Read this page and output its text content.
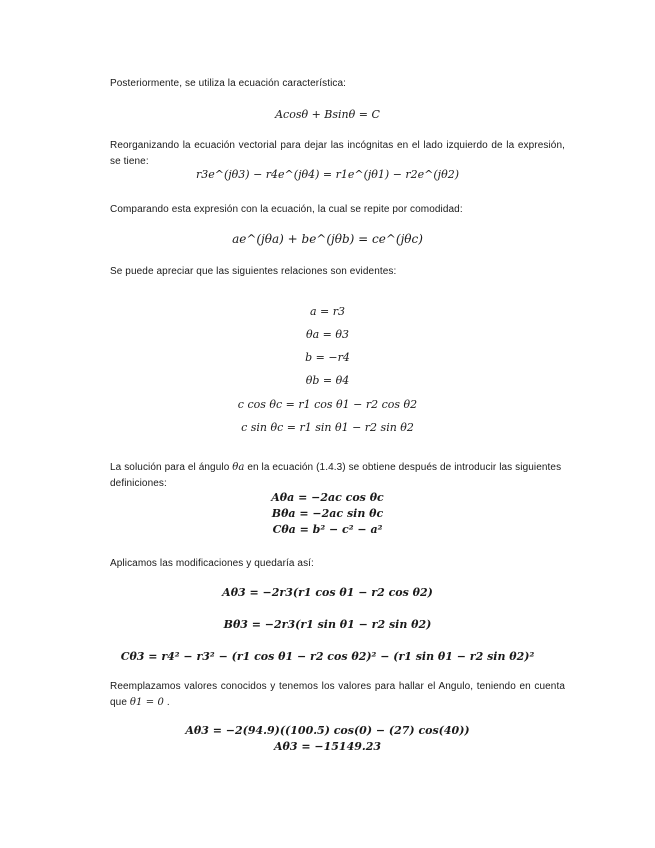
Posteriormente, se utiliza la ecuación característica:
Acosθ + Bsinθ = C
Reorganizando la ecuación vectorial para dejar las incógnitas en el lado izquierdo de la expresión, se tiene:
r3e^(jθ3) − r4e^(jθ4) = r1e^(jθ1) − r2e^(jθ2)
Comparando esta expresión con la ecuación, la cual se repite por comodidad:
ae^(jθa) + be^(jθb) = ce^(jθc)
Se puede apreciar que las siguientes relaciones son evidentes:
a = r3
θa = θ3
b = −r4
θb = θ4
c cos θc = r1 cos θ1 − r2 cos θ2
c sin θc = r1 sin θ1 − r2 sin θ2
La solución para el ángulo θa en la ecuación (1.4.3) se obtiene después de introducir las siguientes definiciones:
Aθa = −2ac cos θc
Bθa = −2ac sin θc
Cθa = b² − c² − a²
Aplicamos las modificaciones y quedaría así:
Aθ3 = −2r3(r1 cos θ1 − r2 cos θ2)
Bθ3 = −2r3(r1 sin θ1 − r2 sin θ2)
Cθ3 = r4² − r3² − (r1 cos θ1 − r2 cos θ2)² − (r1 sin θ1 − r2 sin θ2)²
Reemplazamos valores conocidos y tenemos los valores para hallar el Angulo, teniendo en cuenta que θ1 = 0 .
Aθ3 = −2(94.9)((100.5) cos(0) − (27) cos(40))
Aθ3 = −15149.23
